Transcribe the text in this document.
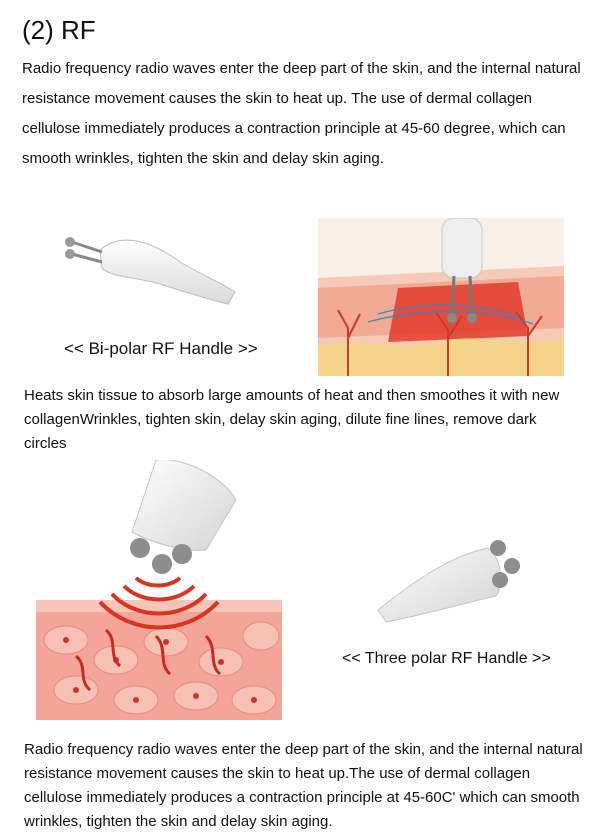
(2) RF
Radio frequency radio waves enter the deep part of the skin, and the internal natural resistance movement causes the skin to heat up. The use of dermal collagen cellulose immediately produces a contraction principle at 45-60 degree, which can smooth wrinkles, tighten the skin and delay skin aging.
<< Bi-polar RF Handle >>
Heats skin tissue to absorb large amounts of heat and then smoothes it with new collagenWrinkles, tighten skin, delay skin aging, dilute fine lines, remove dark circles
<< Three polar RF Handle >>
Radio frequency radio waves enter the deep part of the skin, and the internal natural resistance movement causes the skin to heat up.The use of dermal collagen cellulose immediately produces a contraction principle at 45-60C' which can smooth wrinkles, tighten the skin and delay skin aging.
